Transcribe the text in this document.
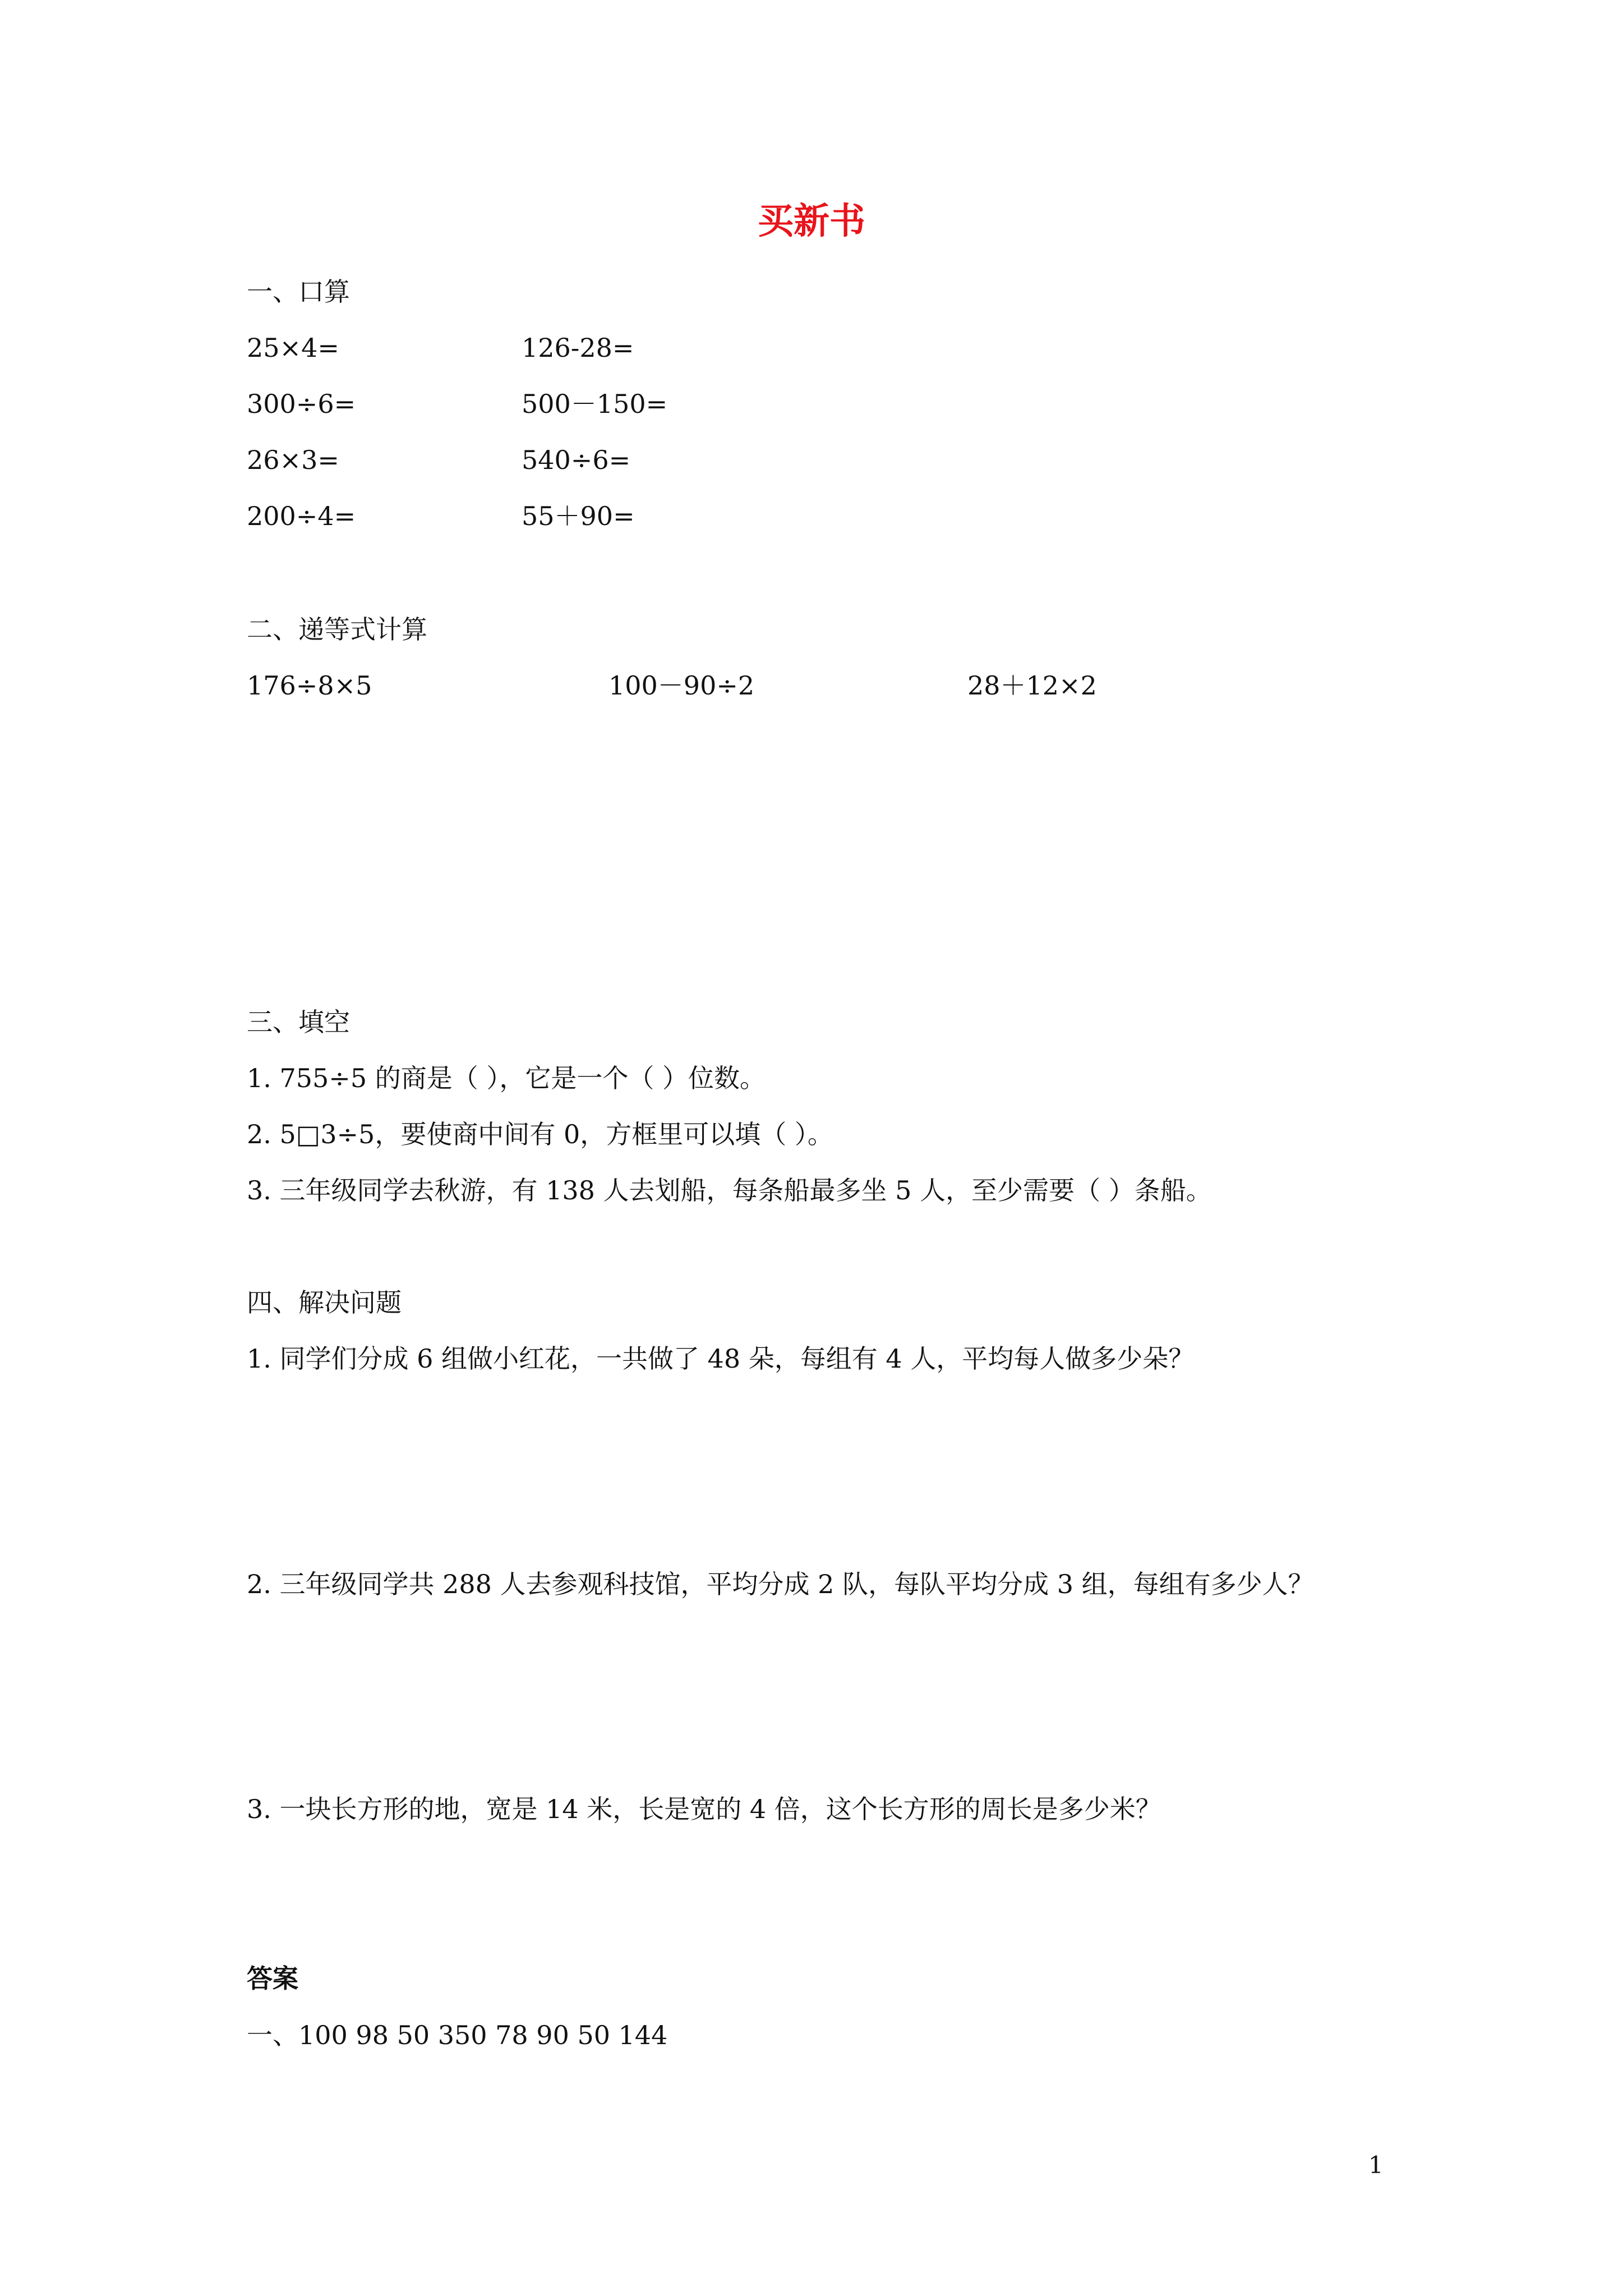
买新书
一、口算
25×4=	126-28=
300÷6=	500－150=
26×3=	540÷6=
200÷4=	55＋90=
二、递等式计算
176÷8×5	100－90÷2	28＋12×2
三、填空
1. 755÷5 的商是（ ），它是一个（ ）位数。
2. 5□3÷5，要使商中间有 0，方框里可以填（ ）。
3. 三年级同学去秋游，有 138 人去划船，每条船最多坐 5 人，至少需要（ ）条船。
四、解决问题
1. 同学们分成 6 组做小红花，一共做了 48 朵，每组有 4 人，平均每人做多少朵？
2. 三年级同学共 288 人去参观科技馆，平均分成 2 队，每队平均分成 3 组，每组有多少人？
3. 一块长方形的地，宽是 14 米，长是宽的 4 倍，这个长方形的周长是多少米？
答案
一、100 98 50 350 78 90 50 144
1
